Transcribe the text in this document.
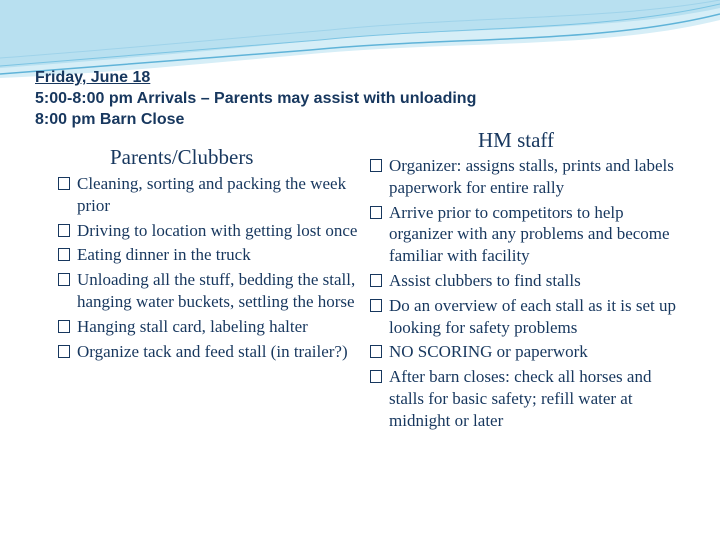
Friday, June 18
5:00-8:00 pm Arrivals – Parents may assist with unloading
8:00 pm Barn Close
Parents/Clubbers
HM staff
Cleaning, sorting and packing the week prior
Driving to location with getting lost once
Eating dinner in the truck
Unloading all the stuff, bedding the stall, hanging water buckets, settling the horse
Hanging stall card, labeling halter
Organize tack and feed stall (in trailer?)
Organizer: assigns stalls, prints and labels paperwork for entire rally
Arrive prior to competitors to help organizer with any problems and become familiar with facility
Assist clubbers to find stalls
Do an overview of each stall as it is set up looking for safety problems
NO SCORING or paperwork
After barn closes: check all horses and stalls for basic safety; refill water at midnight or later
